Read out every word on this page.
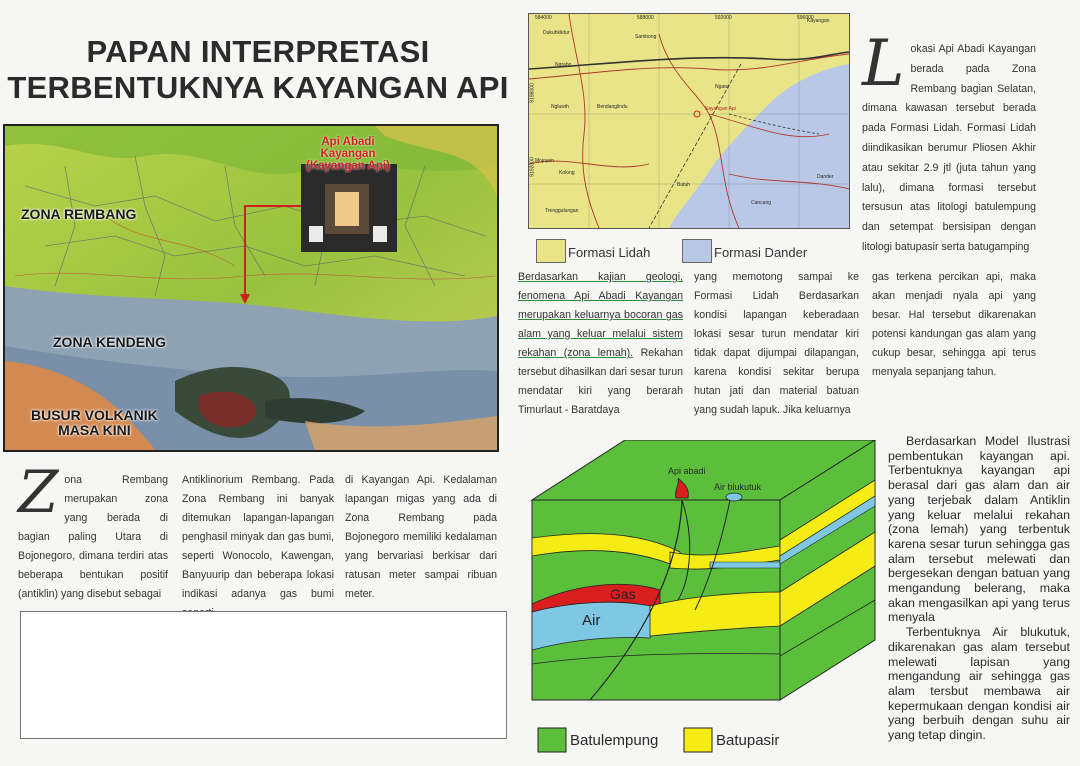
PAPAN INTERPRETASI
TERBENTUKNYA KAYANGAN API
Api Abadi Kayangan (Kayangan Api)
ZONA REMBANG
ZONA KENDENG
BUSUR VOLKANIK
MASA KINI
584000	588000	592000	596000
9196000
9192000
Sambong
Dukuhklidur
Ngraho
Ngawi
Ngluwih	Bendanglindu	Kayangan Api
Mojoyen
Kolong
Butuh
Dander
Trenggulungan
Cancang
Kayangan
Formasi Lidah	Formasi Dander
L okasi Api Abadi Kayangan berada pada Zona Rembang bagian Selatan, dimana kawasan tersebut berada pada Formasi Lidah. Formasi Lidah diindikasikan berumur Pliosen Akhir atau sekitar 2.9 jtl (juta tahun yang lalu), dimana formasi tersebut tersusun atas litologi batulempung dan setempat bersisipan dengan litologi batupasir serta batugamping
Berdasarkan kajian geologi, fenomena Api Abadi Kayangan merupakan keluarnya bocoran gas alam yang keluar melalui sistem rekahan (zona lemah). Rekahan tersebut dihasilkan dari sesar turun mendatar kiri yang berarah Timurlaut - Baratdaya
yang memotong sampai ke Formasi Lidah Berdasarkan kondisi lapangan keberadaan lokasi sesar turun mendatar kiri tidak dapat dijumpai dilapangan, karena kondisi sekitar berupa hutan jati dan material batuan yang sudah lapuk. Jika keluarnya
gas terkena percikan api, maka akan menjadi nyala api yang besar. Hal tersebut dikarenakan potensi kandungan gas alam yang cukup besar, sehingga api terus menyala sepanjang tahun.
Z ona Rembang merupakan zona yang berada di bagian paling Utara di Bojonegoro, dimana terdiri atas beberapa bentukan positif (antiklin) yang disebut sebagai
Antiklinorium Rembang. Pada Zona Rembang ini banyak ditemukan lapangan-lapangan penghasil minyak dan gas bumi, seperti Wonocolo, Kawengan, Banyuurip dan beberapa lokasi indikasi adanya gas bumi
di Kayangan Api. Kedalaman lapangan migas yang ada di Zona Rembang pada Bojonegoro memiliki kedalaman yang bervariasi berkisar dari ratusan meter sampai ribuan meter.
Api abadi
Air blukutuk
Gas
Air
Batulempung	Batupasir

Berdasarkan Model Ilustrasi pembentukan kayangan api. Terbentuknya kayangan api berasal dari gas alam dan air yang terjebak dalam Antiklin yang keluar melalui rekahan (zona lemah) yang terbentuk karena sesar turun sehingga gas alam tersebut melewati dan bergesekan dengan batuan yang mengandung belerang, maka akan mengasilkan api yang terus menyala

Terbentuknya Air blukutuk, dikarenakan gas alam tersebut melewati lapisan yang mengandung air sehingga gas alam tersbut membawa air kepermukaan dengan kondisi air yang berbuih dengan suhu air yang tetap dingin.
